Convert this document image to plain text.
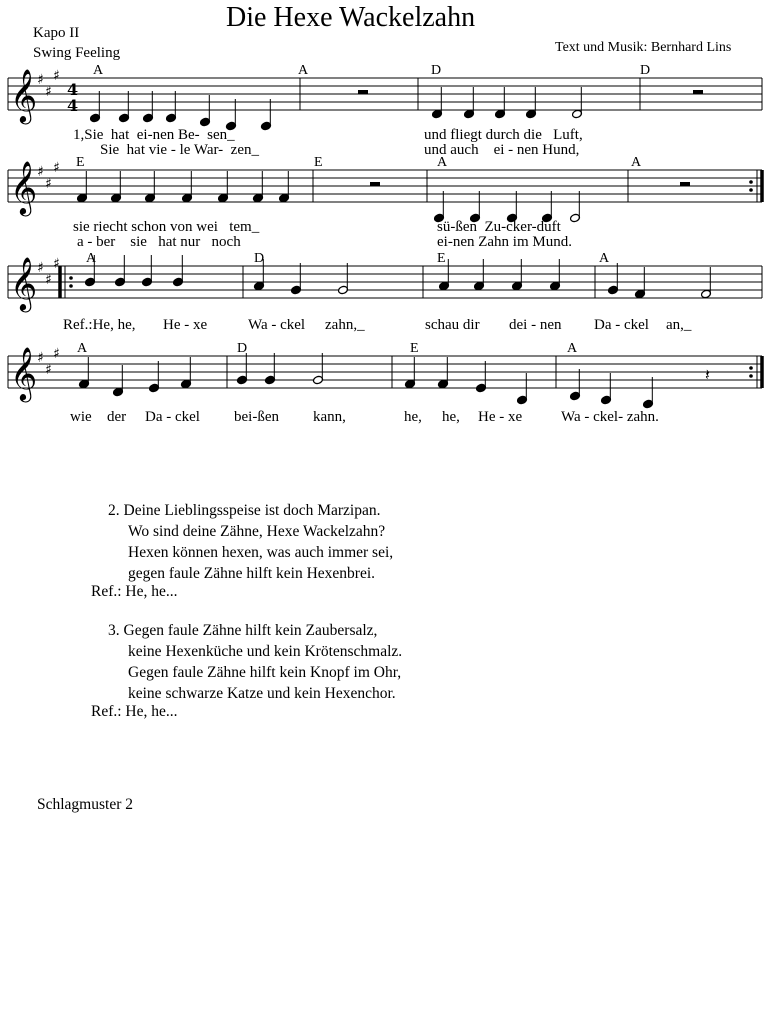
Die Hexe Wackelzahn
Kapo II
Swing Feeling	Text und Musik: Bernhard Lins
𝄞 ♯
♯
♯
𝄞 ♯
♯
♯
𝄞 ♯
♯
♯
𝄞 ♯
♯
♯
𝄽
4
4
A	A	D	D
E	E	A	A
A	D	E	A
A	D	E	A
1,Sie  hat  ei-nen Be-  sen_	und fliegt durch die   Luft,
Sie  hat vie - le War-  zen_	und auch    ei - nen Hund,
sie riecht schon von wei   tem_	sü-ßen  Zu-cker-duft
a - ber    sie   hat nur   noch	ei-nen Zahn im Mund.
Ref.:He, he, He - xe	Wa - ckel zahn,_	schau dir dei - nen Da - ckel an,_
wie der Da - ckel bei-ßen kann,	he, he, He - xe	Wa - ckel- zahn.
2. Deine Lieblingsspeise ist doch Marzipan.
Wo sind deine Zähne, Hexe Wackelzahn?
Hexen können hexen, was auch immer sei,
gegen faule Zähne hilft kein Hexenbrei.
Ref.: He, he...
3. Gegen faule Zähne hilft kein Zaubersalz,
keine Hexenküche und kein Krötenschmalz.
Gegen faule Zähne hilft kein Knopf im Ohr,
keine schwarze Katze und kein Hexenchor.
Ref.: He, he...
Schlagmuster 2
